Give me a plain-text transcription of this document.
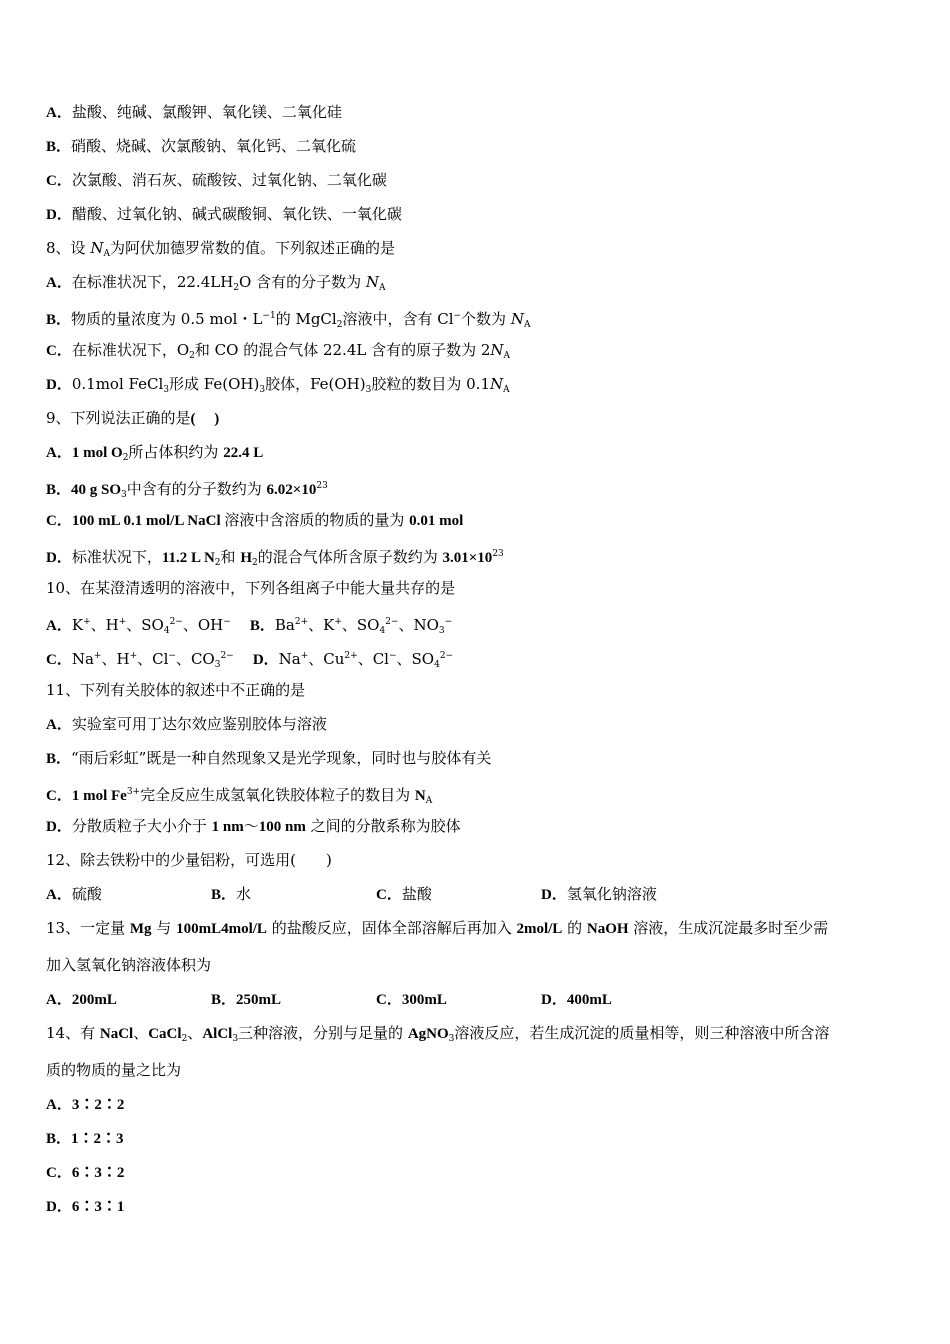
A．盐酸、纯碱、氯酸钾、氧化镁、二氧化硅
B．硝酸、烧碱、次氯酸钠、氧化钙、二氧化硫
C．次氯酸、消石灰、硫酸铵、过氧化钠、二氧化碳
D．醋酸、过氧化钠、碱式碳酸铜、氧化铁、一氧化碳
8、设 $N_A$为阿伏加德罗常数的值。下列叙述正确的是
A．在标准状况下，$22.4LH_2O$ 含有的分子数为 $N_A$
B．物质的量浓度为 0.5 mol・$L^{-1}$的 MgCl$_2$溶液中，含有 Cl−个数为 $N_A$
C．在标准状况下，$O_2$和 CO 的混合气体 22.4L 含有的原子数为 $2N_A$
D．0.1mol FeCl$_3$形成 $Fe(OH)_3$胶体，$Fe(OH)_3$胶粒的数目为 $0.1N_A$
9、下列说法正确的是(     )
A．1 mol $O_2$所占体积约为 22.4 L
B．40 g $SO_3$中含有的分子数约为 $6.02\times 10^{23}$
C．100 mL 0.1 mol/L NaCl 溶液中含溶质的物质的量为 0.01 mol
D．标准状况下，11.2 L $N_2$和 $H_2$的混合气体所含原子数约为 $3.01\times 10^{23}$
10、在某澄清透明的溶液中，下列各组离子中能大量共存的是
A．K+、H+、$SO_4^{2-}$、OH− B．$Ba^{2+}$、K+、$SO_4^{2-}$、$NO_3^-$
C．Na+、H+、Cl−、$CO_3^{2-}$ D．Na+、$Cu^{2+}$、Cl−、$SO_4^{2-}$
11、下列有关胶体的叙述中不正确的是
A．实验室可用丁达尔效应鉴别胶体与溶液
B．“雨后彩虹”既是一种自然现象又是光学现象，同时也与胶体有关
C．1 mol $Fe^{3+}$完全反应生成氢氧化铁胶体粒子的数目为 $N_A$
D．分散质粒子大小介于 1 nm～100 nm 之间的分散系称为胶体
12、除去铁粉中的少量铝粉，可选用(　　)
A．硫酸	B．水	C．盐酸	D．氢氧化钠溶液
13、一定量 Mg 与 100mL4mol/L 的盐酸反应，固体全部溶解后再加入 2mol/L 的 NaOH 溶液，生成沉淀最多时至少需
加入氢氧化钠溶液体积为
A．200mL	B．250mL	C．300mL	D．400mL
14、有 NaCl、CaCl$_2$、AlCl$_3$三种溶液，分别与足量的 AgNO$_3$溶液反应，若生成沉淀的质量相等，则三种溶液中所含溶
质的物质的量之比为
A．3∶2∶2
B．1∶2∶3
C．6∶3∶2
D．6∶3∶1
